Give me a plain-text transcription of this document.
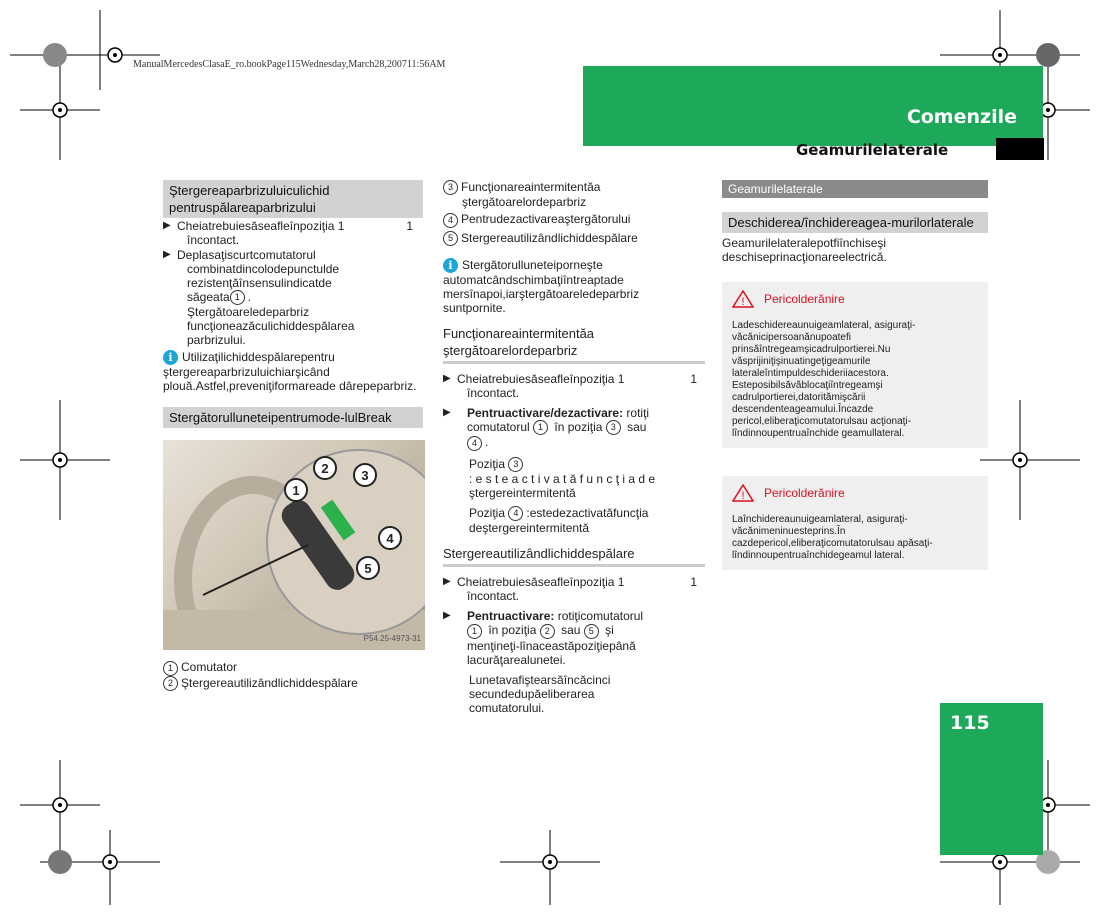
ManualMercedesClasaE_ro.bookPage115Wednesday,March28,200711:56AM
Comenzile
Geamurilelaterale
Ştergereaparbrizuluiculichid pentruspălareaparbrizului
▶ Cheiatrebuiesăseafleînpoziţia 1	1
încontact.
▶ Deplasaţiscurtcomutatorul
combinatdincolodepunctulde
rezistenţăînsensulindicatde
săgeata 1 .
Ştergătoareledeparbriz
funcţioneazăculichiddespălarea
parbrizului.
i Utilizaţilichiddespălarepentru ştergereaparbrizuluichiarşicând plouă.Astfel,preveniţiformareade dârepeparbriz.
Stergătorulluneteipentrumode-lulBreak
1
2	3
4
5
P54.25-4973-31
1 Comutator
2 Ştergereautilizândlichiddespălare
3 Funcţionareaintermitentăa
ştergătoarelordeparbriz
4 Pentrudezactivareaştergătorului
5 Stergereautilizândlichiddespălare
i Stergătorulluneteiporneşte automatcândschimbaţiîntreaptade mersînapoi,iarştergătoareledeparbriz suntpornite.
Funcţionareaintermitentăa ştergătoarelordeparbriz
▶ Cheiatrebuiesăseafleînpoziţia 1	1
încontact.
▶ Pentruactivare/dezactivare: rotiţi
comutatorul 1 în poziţia 3 sau
4 .
Poziţia 3: e s t e a c t i v a t ă f u n c ţ i a d e
ştergereintermitentă
Poziţia 4 :estedezactivatăfuncţia
deştergereintermitentă
Stergereautilizândlichiddespălare
▶ Cheiatrebuiesăseafleînpoziţia 1	1
încontact.
▶ Pentruactivare: rotiţicomutatorul
1 în poziţia 2 sau 5 şi
menţineţi-lînaceastăpoziţiepână
lacurăţarealunetei.
Lunetavafiştearsăîncăcinci
secundedupăeliberarea
comutatorului.
Geamurilelaterale
Deschiderea/închidereagea-murilorlaterale
Geamurilelateralepotfiînchiseşi deschiseprinacţionareelectrică.
! Pericolderănire
Ladeschidereaunuigeamlateral, asiguraţi-văcănicipersoanănupoatefi prinsăîntregeamşicadrulportierei.Nu văsprijiniţişinuatingeţigeamurile lateraleîntimpuldeschideriiacestora. Esteposibilsăvăblocaţiîntregeamşi cadrulportierei,datoritămişcării descendenteageamului.Încazde pericol,eliberaţicomutatorulsau acţionaţi-lîndinnoupentruaînchide geamullateral.
! Pericolderănire
Laînchidereaunuigeamlateral, asiguraţi-văcănimeninuesteprins.În cazdepericol,eliberaţicomutatorulsau apăsaţi-lîndinnoupentruaînchidegeamul lateral.
115
